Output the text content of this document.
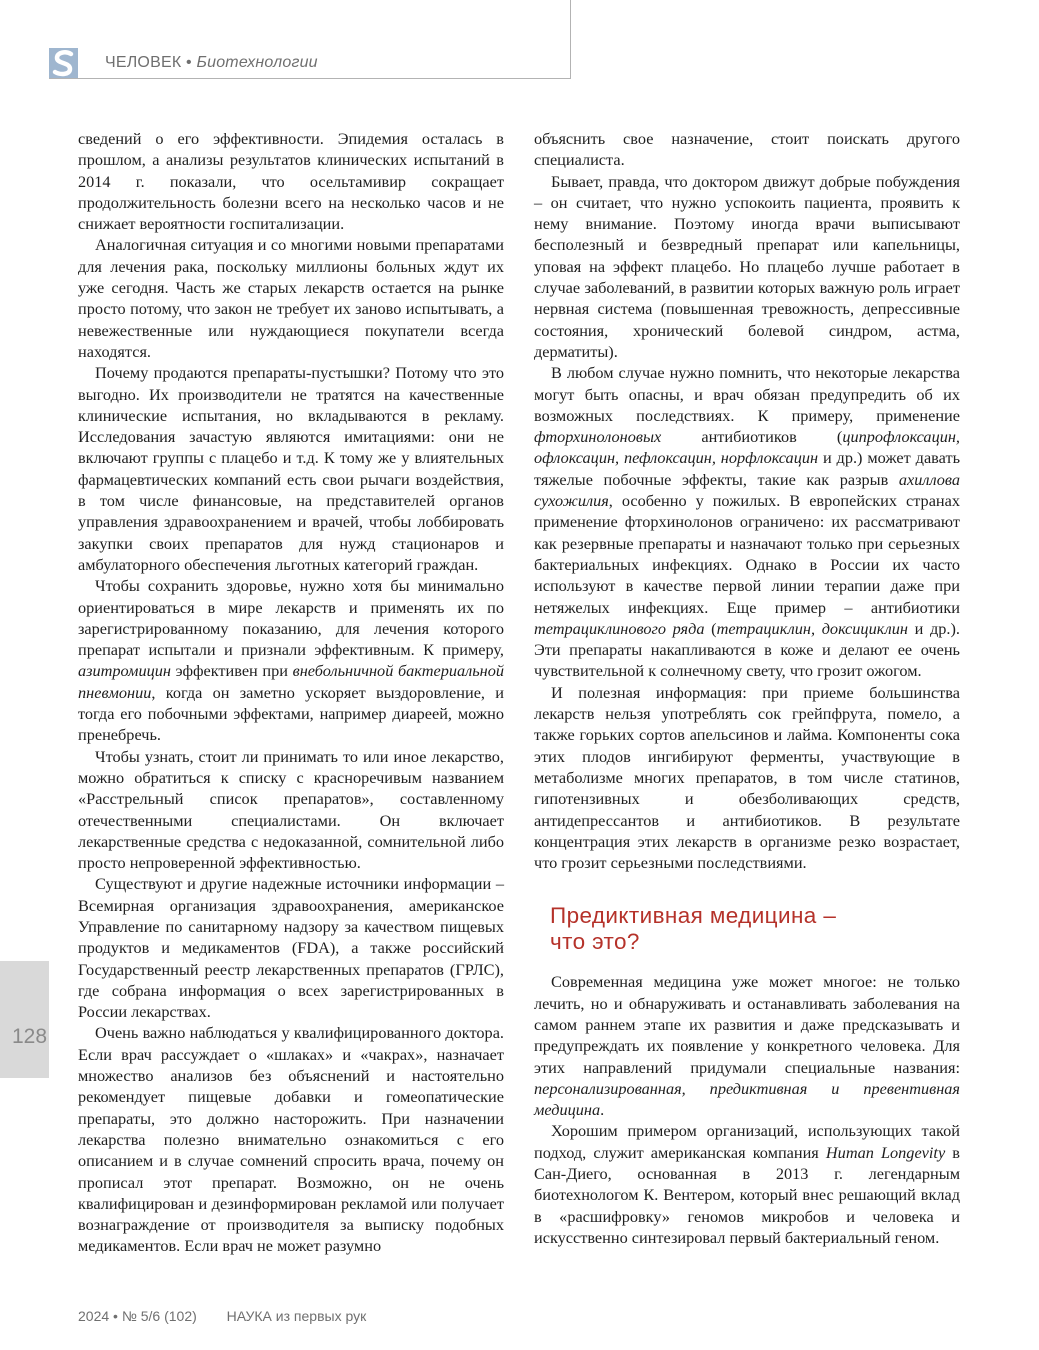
ЧЕЛОВЕК • Биотехнологии

сведений о его эффективности. Эпидемия осталась в прошлом, а анализы результатов клинических испытаний в 2014 г. показали, что осельтамивир сокращает продолжительность болезни всего на несколько часов и не снижает вероятности госпитализации.

Аналогичная ситуация и со многими новыми препаратами для лечения рака, поскольку миллионы больных ждут их уже сегодня. Часть же старых лекарств остается на рынке просто потому, что закон не требует их заново испытывать, а невежественные или нуждающиеся покупатели всегда находятся.

Почему продаются препараты-пустышки? Потому что это выгодно. Их производители не тратятся на качественные клинические испытания, но вкладываются в рекламу. Исследования зачастую являются имитациями: они не включают группы с плацебо и т.д. К тому же у влиятельных фармацевтических компаний есть свои рычаги воздействия, в том числе финансовые, на представителей органов управления здравоохранением и врачей, чтобы лоббировать закупки своих препаратов для нужд стационаров и амбулаторного обеспечения льготных категорий граждан.

Чтобы сохранить здоровье, нужно хотя бы минимально ориентироваться в мире лекарств и применять их по зарегистрированному показанию, для лечения которого препарат испытали и признали эффективным. К примеру, азитромицин эффективен при внебольничной бактериальной пневмонии, когда он заметно ускоряет выздоровление, и тогда его побочными эффектами, например диареей, можно пренебречь.

Чтобы узнать, стоит ли принимать то или иное лекарство, можно обратиться к списку с красноречивым названием «Расстрельный список препаратов», составленному отечественными специалистами. Он включает лекарственные средства с недоказанной, сомнительной либо просто непроверенной эффективностью.

Существуют и другие надежные источники информации – Всемирная организация здравоохранения, американское Управление по санитарному надзору за качеством пищевых продуктов и медикаментов (FDA), а также российский Государственный реестр лекарственных препаратов (ГРЛС), где собрана информация о всех зарегистрированных в России лекарствах.

Очень важно наблюдаться у квалифицированного доктора. Если врач рассуждает о «шлаках» и «чакрах», назначает множество анализов без объяснений и настоятельно рекомендует пищевые добавки и гомеопатические препараты, это должно насторожить. При назначении лекарства полезно внимательно ознакомиться с его описанием и в случае сомнений спросить врача, почему он прописал этот препарат. Возможно, он не очень квалифицирован и дезинформирован рекламой или получает вознаграждение от производителя за выписку подобных медикаментов. Если врач не может разумно

объяснить свое назначение, стоит поискать другого специалиста.

Бывает, правда, что доктором движут добрые побуждения – он считает, что нужно успокоить пациента, проявить к нему внимание. Поэтому иногда врачи выписывают бесполезный и безвредный препарат или капельницы, уповая на эффект плацебо. Но плацебо лучше работает в случае заболеваний, в развитии которых важную роль играет нервная система (повышенная тревожность, депрессивные состояния, хронический болевой синдром, астма, дерматиты).

В любом случае нужно помнить, что некоторые лекарства могут быть опасны, и врач обязан предупредить об их возможных последствиях. К примеру, применение фторхинолоновых антибиотиков (ципрофлоксацин, офлоксацин, пефлоксацин, норфлоксацин и др.) может давать тяжелые побочные эффекты, такие как разрыв ахиллова сухожилия, особенно у пожилых. В европейских странах применение фторхинолонов ограничено: их рассматривают как резервные препараты и назначают только при серьезных бактериальных инфекциях. Однако в России их часто используют в качестве первой линии терапии даже при нетяжелых инфекциях. Еще пример – антибиотики тетрациклинового ряда (тетрациклин, доксициклин и др.). Эти препараты накапливаются в коже и делают ее очень чувствительной к солнечному свету, что грозит ожогом.

И полезная информация: при приеме большинства лекарств нельзя употреблять сок грейпфрута, помело, а также горьких сортов апельсинов и лайма. Компоненты сока этих плодов ингибируют ферменты, участвующие в метаболизме многих препаратов, в том числе статинов, гипотензивных и обезболивающих средств, антидепрессантов и антибиотиков. В результате концентрация этих лекарств в организме резко возрастает, что грозит серьезными последствиями.

Предиктивная медицина –
что это?

Современная медицина уже может многое: не только лечить, но и обнаруживать и останавливать заболевания на самом раннем этапе их развития и даже предсказывать и предупреждать их появление у конкретного человека. Для этих направлений придумали специальные названия: персонализированная, предиктивная и превентивная медицина.

Хорошим примером организаций, использующих такой подход, служит американская компания Human Longevity в Сан-Диего, основанная в 2013 г. легендарным биотехнологом К. Вентером, который внес решающий вклад в «расшифровку» геномов микробов и человека и искусственно синтезировал первый бактериальный геном.

128
2024 • № 5/6 (102) НАУКА из первых рук
